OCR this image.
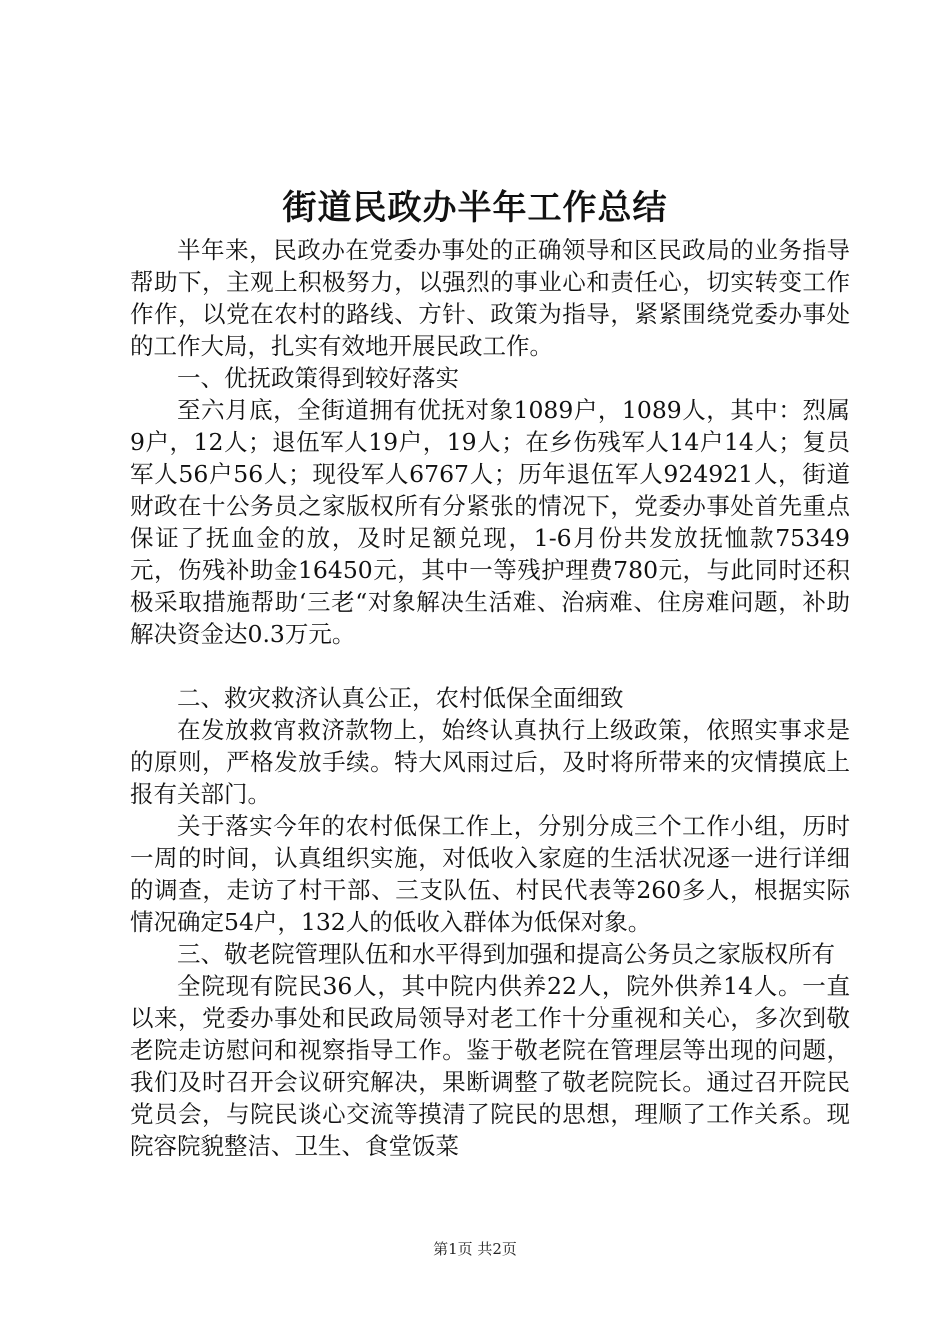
街道民政办半年工作总结

半年来，民政办在党委办事处的正确领导和区民政局的业务指导帮助下，主观上积极努力，以强烈的事业心和责任心，切实转变工作作作，以党在农村的路线、方针、政策为指导，紧紧围绕党委办事处的工作大局，扎实有效地开展民政工作。

一、优抚政策得到较好落实

至六月底，全街道拥有优抚对象1089户，1089人，其中：烈属9户，12人；退伍军人19户，19人；在乡伤残军人14户14人；复员军人56户56人；现役军人6767人；历年退伍军人924921人，街道财政在十公务员之家版权所有分紧张的情况下，党委办事处首先重点保证了抚血金的放，及时足额兑现，1-6月份共发放抚恤款75349元，伤残补助金16450元，其中一等残护理费780元，与此同时还积极采取措施帮助‘三老“对象解决生活难、治病难、住房难问题，补助解决资金达0.3万元。

二、救灾救济认真公正，农村低保全面细致

在发放救宵救济款物上，始终认真执行上级政策，依照实事求是的原则，严格发放手续。特大风雨过后，及时将所带来的灾情摸底上报有关部门。

关于落实今年的农村低保工作上，分别分成三个工作小组，历时一周的时间，认真组织实施，对低收入家庭的生活状况逐一进行详细的调查，走访了村干部、三支队伍、村民代表等260多人，根据实际情况确定54户，132人的低收入群体为低保对象。

三、敬老院管理队伍和水平得到加强和提高公务员之家版权所有

全院现有院民36人，其中院内供养22人，院外供养14人。一直以来，党委办事处和民政局领导对老工作十分重视和关心，多次到敬老院走访慰问和视察指导工作。鉴于敬老院在管理层等出现的问题，我们及时召开会议研究解决，果断调整了敬老院院长。通过召开院民党员会，与院民谈心交流等摸清了院民的思想，理顺了工作关系。现院容院貌整洁、卫生、食堂饭菜

第1页 共2页
